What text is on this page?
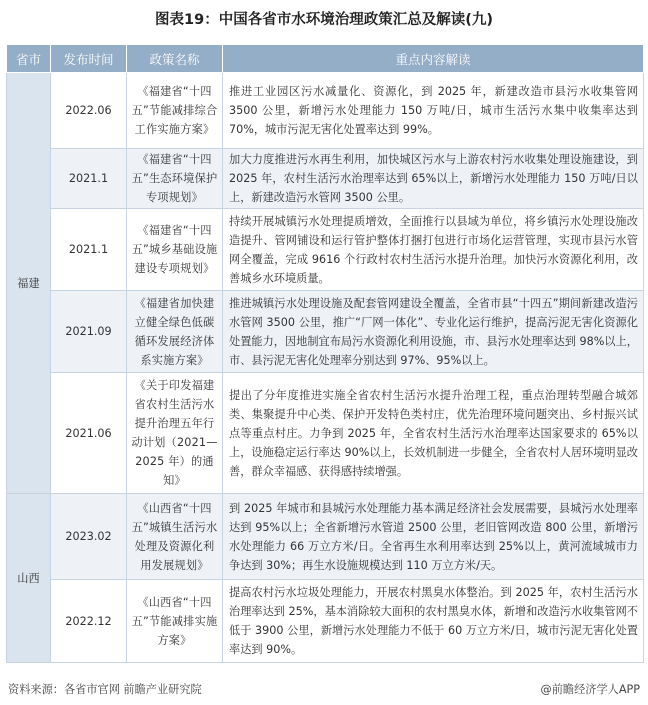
图表19：中国各省市水环境治理政策汇总及解读(九)
省市	发布时间	政策名称	重点内容解读
福建	2022.06	《福建省“十四五”节能减排综合工作实施方案》	推进工业园区污水减量化、资源化，到 2025 年，新建改造市县污水收集管网 3500 公里，新增污水处理能力 150 万吨/日，城市生活污水集中收集率达到 70%，城市污泥无害化处置率达到 99%。
	2021.1	《福建省“十四五”生态环境保护专项规划》	加大力度推进污水再生利用，加快城区污水与上游农村污水收集处理设施建设，到 2025 年，农村生活污水治理率达到 65%以上，新增污水处理能力 150 万吨/日以上，新建改造污水管网 3500 公里。
	2021.1	《福建省“十四五”城乡基础设施建设专项规划》	持续开展城镇污水处理提质增效，全面推行以县域为单位，将乡镇污水处理设施改造提升、管网铺设和运行管护整体打捆打包进行市场化运营管理，实现市县污水管网全覆盖，完成 9616 个行政村农村生活污水提升治理。加快污水资源化利用，改善城乡水环境质量。
	2021.09	《福建省加快建立健全绿色低碳循环发展经济体系实施方案》	推进城镇污水处理设施及配套管网建设全覆盖，全省市县“十四五”期间新建改造污水管网 3500 公里，推广“厂网一体化”、专业化运行维护，提高污泥无害化资源化处置能力，因地制宜布局污水资源化利用设施，市、县污水处理率达到 98%以上，市、县污泥无害化处理率分别达到 97%、95%以上。
	2021.06	《关于印发福建省农村生活污水提升治理五年行动计划（2021—2025 年）的通知》	提出了分年度推进实施全省农村生活污水提升治理工程，重点治理转型融合城郊类、集聚提升中心类、保护开发特色类村庄，优先治理环境问题突出、乡村振兴试点等重点村庄。力争到 2025 年，全省农村生活污水治理率达国家要求的 65%以上，设施稳定运行率达 90%以上，长效机制进一步健全，全省农村人居环境明显改善，群众幸福感、获得感持续增强。
山西	2023.02	《山西省“十四五”城镇生活污水处理及资源化利用发展规划》	到 2025 年城市和县城污水处理能力基本满足经济社会发展需要，县城污水处理率达到 95%以上；全省新增污水管道 2500 公里，老旧管网改造 800 公里，新增污水处理能力 66 万立方米/日。全省再生水利用率达到 25%以上，黄河流域城市力争达到 30%；再生水设施规模达到 110 万立方米/天。
	2022.12	《山西省“十四五”节能减排实施方案》	提高农村污水垃圾处理能力，开展农村黑臭水体整治。到 2025 年，农村生活污水治理率达到 25%，基本消除较大面积的农村黑臭水体，新增和改造污水收集管网不低于 3900 公里，新增污水处理能力不低于 60 万立方米/日，城市污泥无害化处置率达到 90%。
资料来源：各省市官网 前瞻产业研究院	@前瞻经济学人APP
